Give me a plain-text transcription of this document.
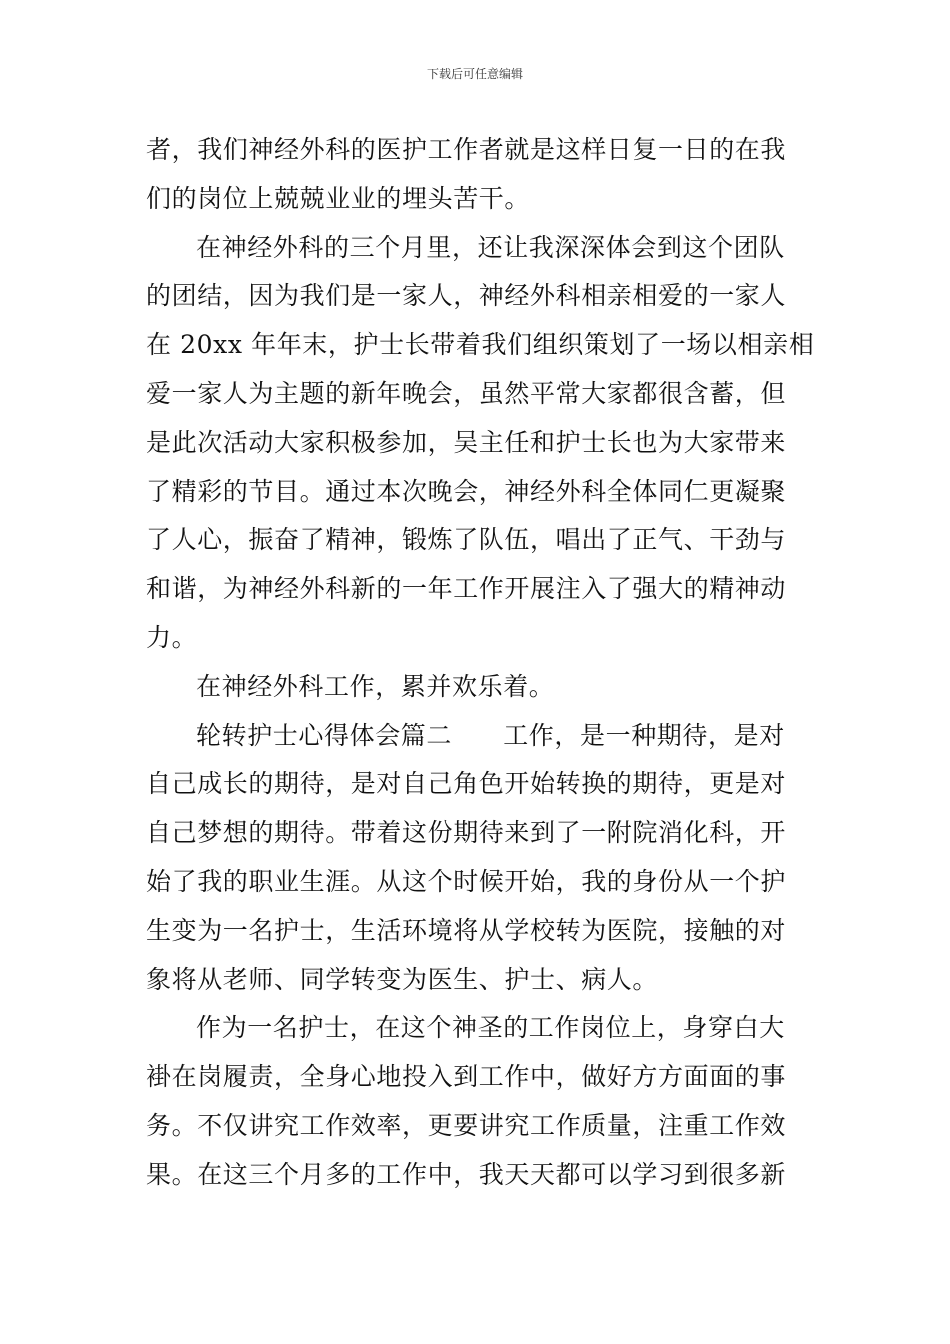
下载后可任意编辑
者，我们神经外科的医护工作者就是这样日复一日的在我
们的岗位上兢兢业业的埋头苦干。
在神经外科的三个月里，还让我深深体会到这个团队
的团结，因为我们是一家人，神经外科相亲相爱的一家人
在 20xx 年年末，护士长带着我们组织策划了一场以相亲相
爱一家人为主题的新年晚会，虽然平常大家都很含蓄，但
是此次活动大家积极参加，吴主任和护士长也为大家带来
了精彩的节目。通过本次晚会，神经外科全体同仁更凝聚
了人心，振奋了精神，锻炼了队伍，唱出了正气、干劲与
和谐，为神经外科新的一年工作开展注入了强大的精神动
力。
在神经外科工作，累并欢乐着。
轮转护士心得体会篇二　　工作，是一种期待，是对
自己成长的期待，是对自己角色开始转换的期待，更是对
自己梦想的期待。带着这份期待来到了一附院消化科，开
始了我的职业生涯。从这个时候开始，我的身份从一个护
生变为一名护士，生活环境将从学校转为医院，接触的对
象将从老师、同学转变为医生、护士、病人。
作为一名护士，在这个神圣的工作岗位上，身穿白大
褂在岗履责，全身心地投入到工作中，做好方方面面的事
务。不仅讲究工作效率，更要讲究工作质量，注重工作效
果。在这三个月多的工作中，我天天都可以学习到很多新
